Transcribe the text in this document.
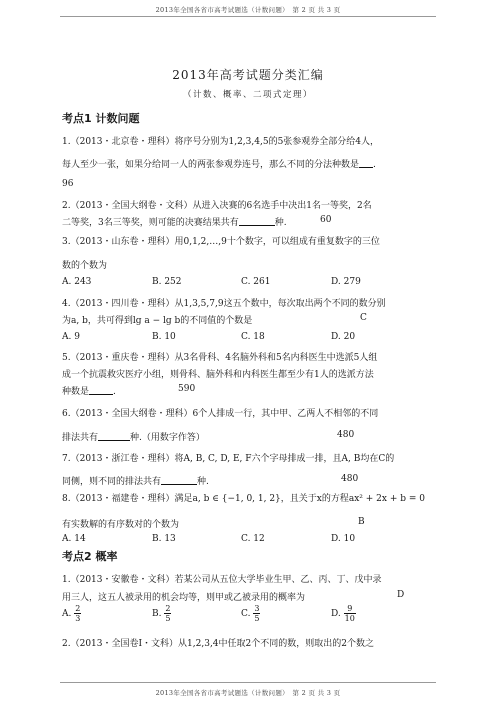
2013年全国各省市高考试题选（计数问题）　第 2 页 共 3 页
2013年高考试题分类汇编
（计数、概率、二项式定理）
考点1 计数问题
1.（2013・北京卷・理科）将序号分别为1,2,3,4,5的5张参观券全部分给4人，
每人至少一张，如果分给同一人的两张参观券连号，那么不同的分法种数是 .
96
2.（2013・全国大纲卷・文科）从进入决赛的6名选手中决出1名一等奖，2名
二等奖，3名三等奖，则可能的决赛结果共有	种.	60
3.（2013・山东卷・理科）用0,1,2,…,9十个数字，可以组成有重复数字的三位
数的个数为
A. 243	B. 252	C. 261	D. 279
4.（2013・四川卷・理科）从1,3,5,7,9这五个数中，每次取出两个不同的数分别
为a, b，共可得到lg a − lg b的不同值的个数是	C
A. 9	B. 10	C. 18	D. 20
5.（2013・重庆卷・理科）从3名骨科、4名脑外科和5名内科医生中选派5人组
成一个抗震救灾医疗小组，则骨科、脑外科和内科医生都至少有1人的选派方法
种数是	.	590
6.（2013・全国大纲卷・理科）6个人排成一行，其中甲、乙两人不相邻的不同
排法共有	种.（用数字作答）	480
7.（2013・浙江卷・理科）将A, B, C, D, E, F六个字母排成一排，且A, B均在C的
同侧，则不同的排法共有	种.	480
8.（2013・福建卷・理科）满足a, b ∈ {−1, 0, 1, 2}，且关于x的方程ax² + 2x + b = 0
有实数解的有序数对的个数为	B
A. 14	B. 13	C. 12	D. 10
考点2 概率
1.（2013・安徽卷・文科）若某公司从五位大学毕业生甲、乙、丙、丁、戊中录
用三人，这五人被录用的机会均等，则甲或乙被录用的概率为	D
A. $\frac{2}{3}$	B. $\frac{2}{5}$	C. $\frac{3}{5}$	D. $\frac{9}{10}$
2.（2013・全国卷Ⅰ・文科）从1,2,3,4中任取2个不同的数，则取出的2个数之
2013年全国各省市高考试题选（计数问题）　第 2 页 共 3 页
